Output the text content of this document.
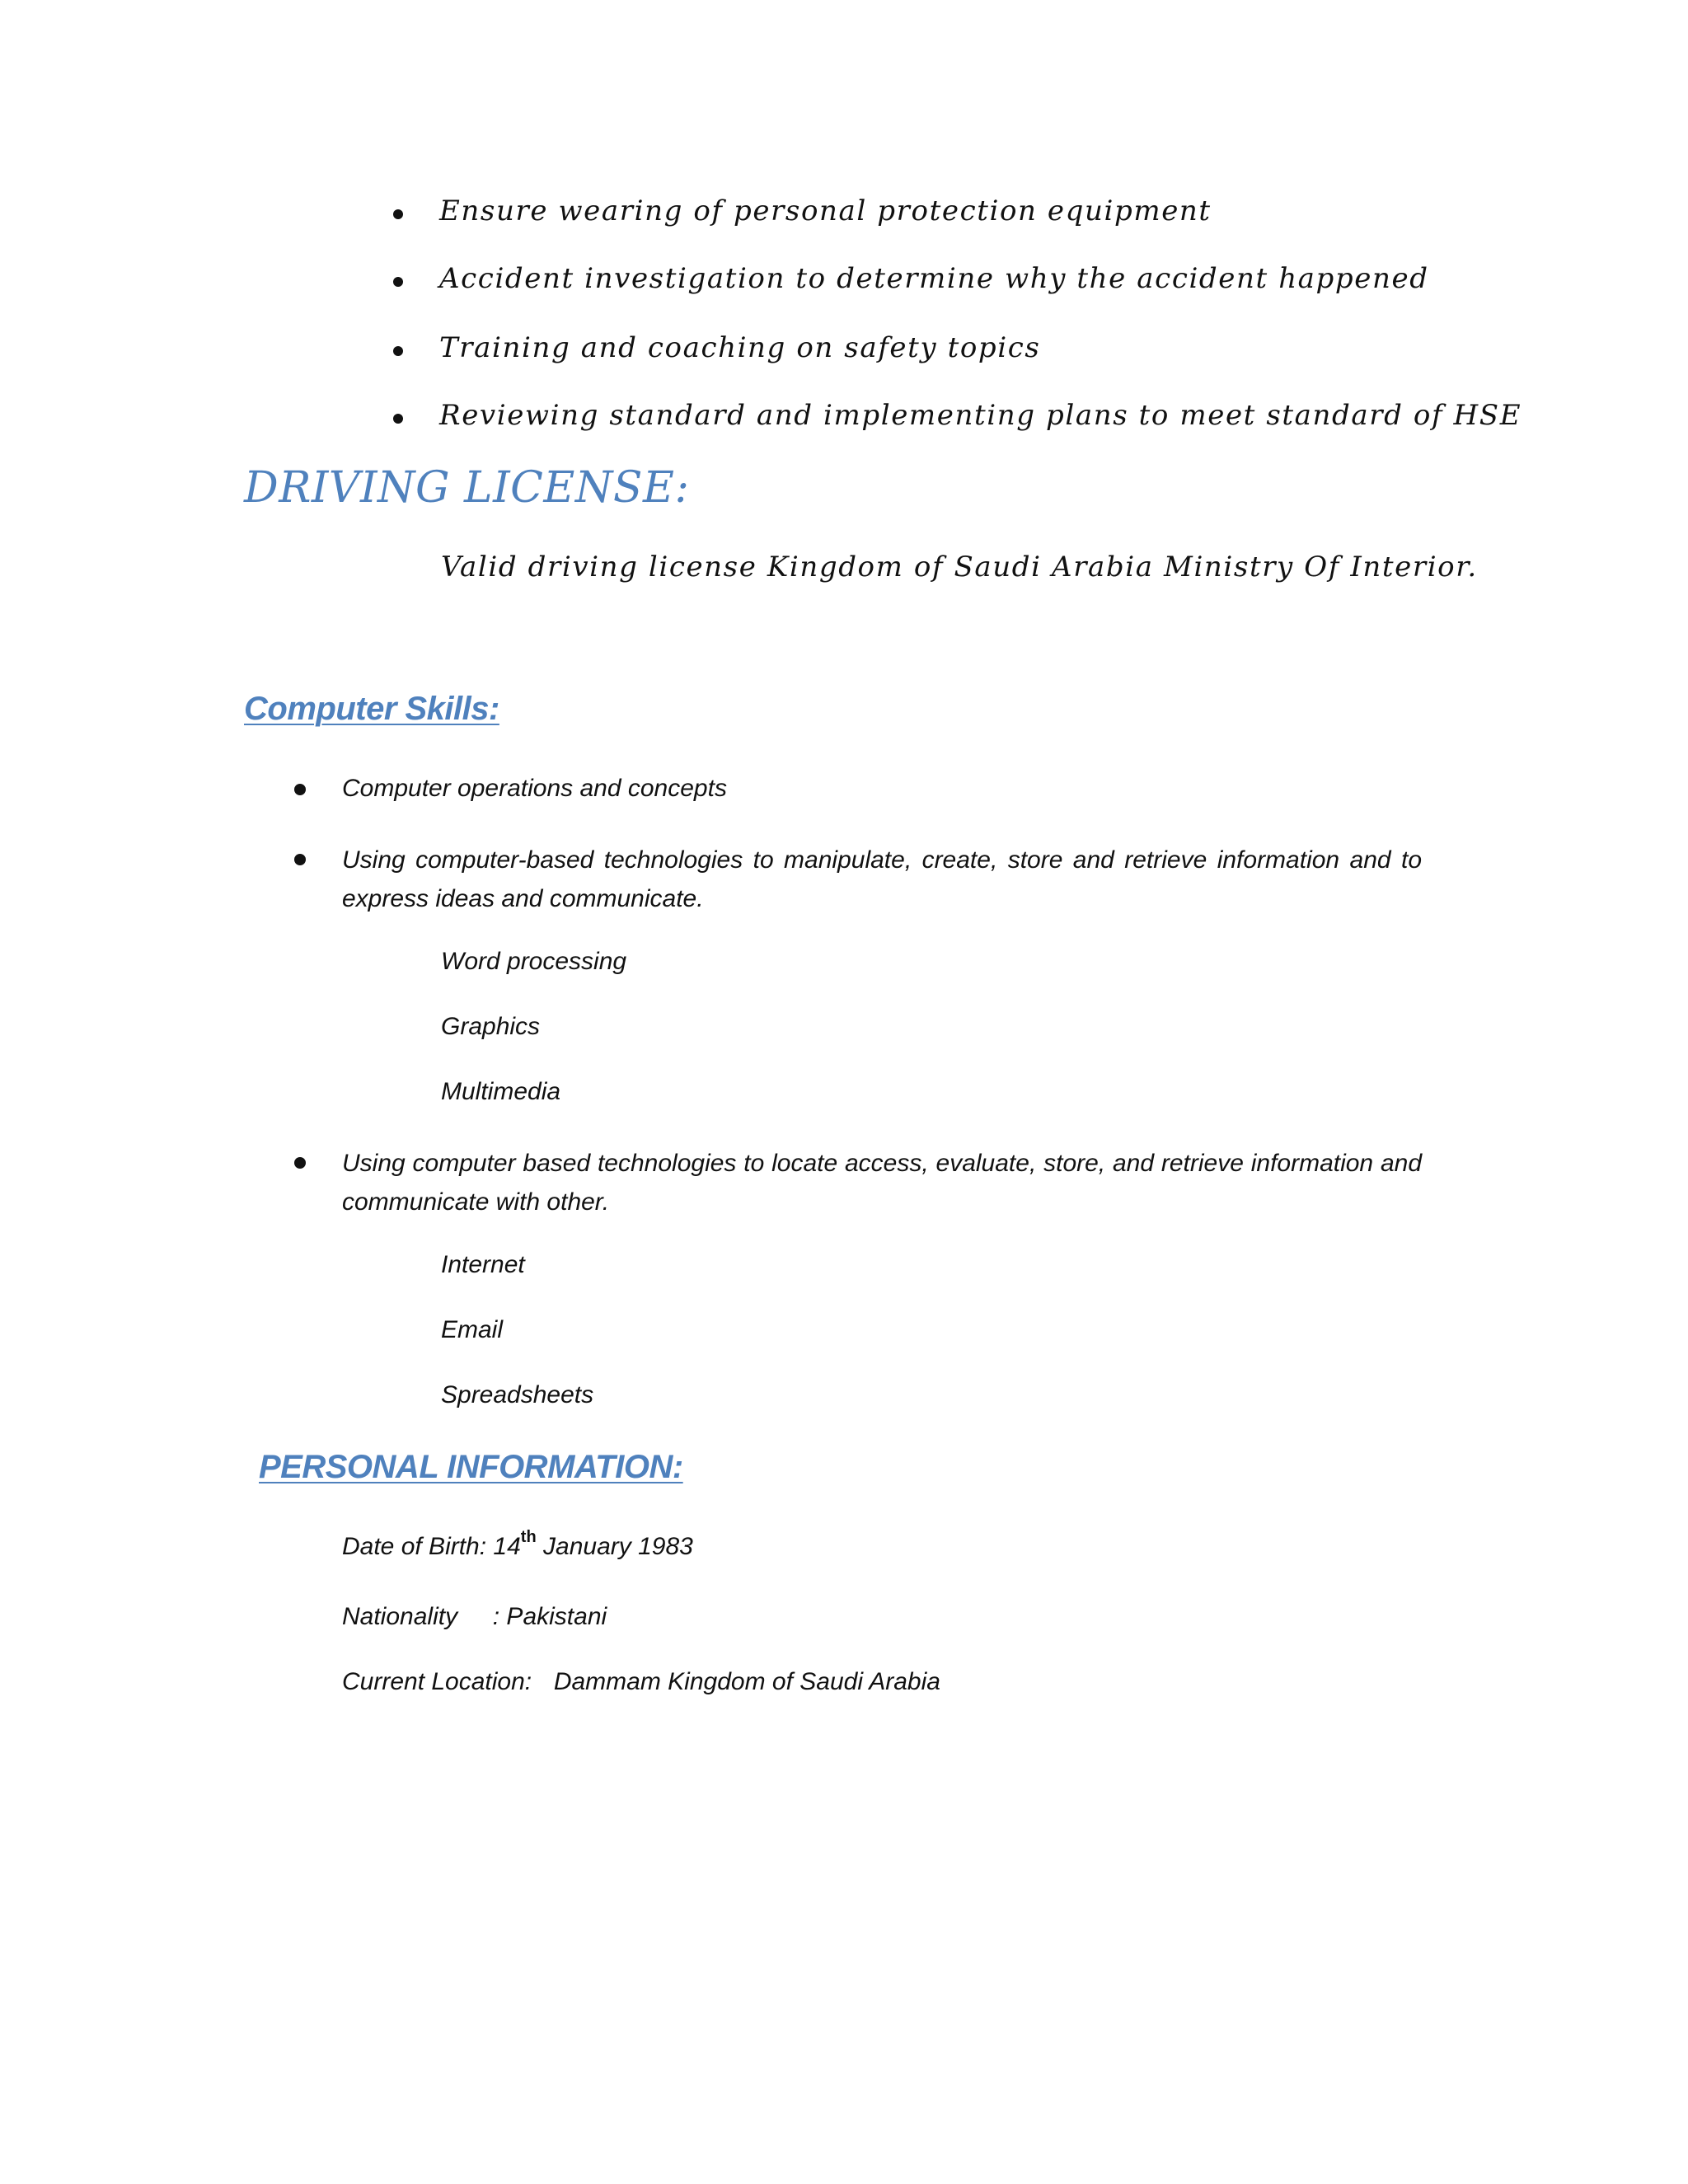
Ensure wearing of personal protection equipment
Accident investigation to determine why the accident happened
Training and coaching on safety topics
Reviewing standard and implementing plans to meet standard of HSE
DRIVING LICENSE:
Valid driving license Kingdom of Saudi Arabia Ministry Of Interior.
Computer Skills:
Computer operations and concepts
Using computer-based technologies to manipulate, create, store and retrieve information and to express ideas and communicate.
Word processing
Graphics
Multimedia
Using computer based technologies to locate access, evaluate, store, and retrieve information and communicate with other.
Internet
Email
Spreadsheets
PERSONAL INFORMATION:
Date of Birth: 14th January 1983
Nationality : Pakistani
Current Location: Dammam Kingdom of Saudi Arabia
